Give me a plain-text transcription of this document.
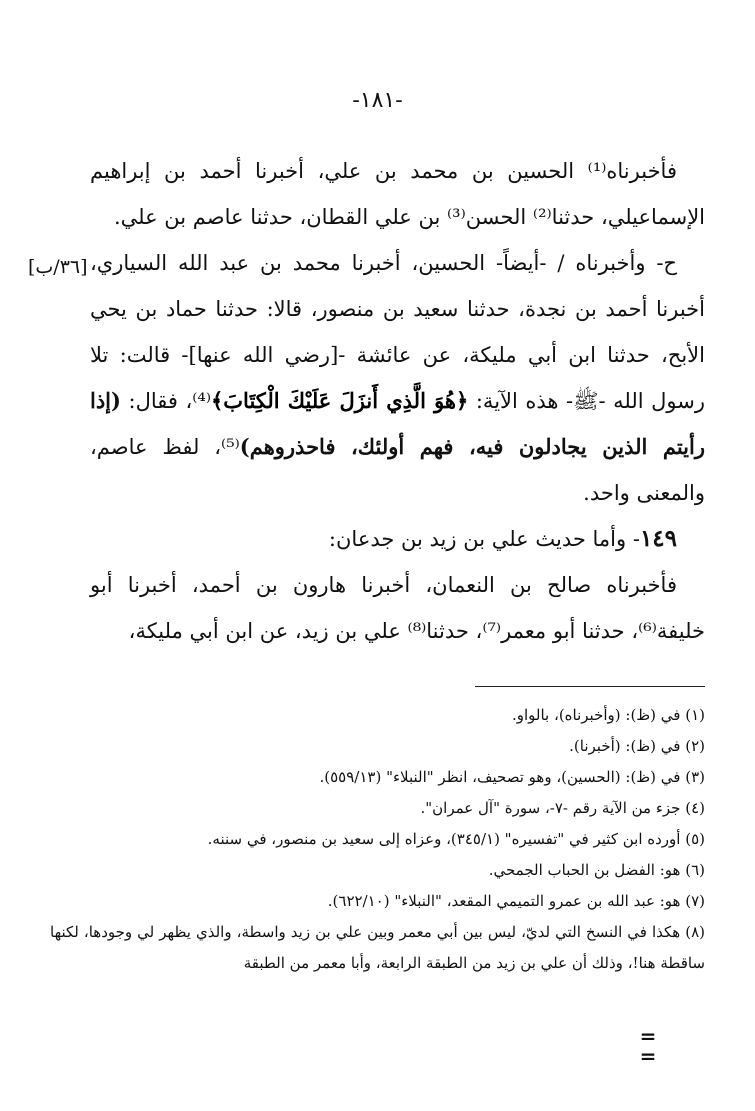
-١٨١-
[٣٦/ب]

فأخبرناه⁽¹⁾ الحسين بن محمد بن علي، أخبرنا أحمد بن إبراهيم الإسماعيلي، حدثنا⁽²⁾ الحسن⁽³⁾ بن علي القطان، حدثنا عاصم بن علي.

ح- وأخبرناه / -أيضاً- الحسين، أخبرنا محمد بن عبد الله السياري، أخبرنا أحمد بن نجدة، حدثنا سعيد بن منصور، قالا: حدثنا حماد بن يحي الأبح، حدثنا ابن أبي مليكة، عن عائشة -[رضي الله عنها]- قالت: تلا رسول الله -ﷺ- هذه الآية: ﴿هُوَ الَّذِي أَنزَلَ عَلَيْكَ الْكِتَابَ﴾⁽⁴⁾، فقال: (إذا رأيتم الذين يجادلون فيه، فهم أولئك، فاحذروهم)⁽⁵⁾، لفظ عاصم، والمعنى واحد.

١٤٩- وأما حديث علي بن زيد بن جدعان:

فأخبرناه صالح بن النعمان، أخبرنا هارون بن أحمد، أخبرنا أبو خليفة⁽⁶⁾، حدثنا أبو معمر⁽⁷⁾، حدثنا⁽⁸⁾ علي بن زيد، عن ابن أبي مليكة،

(١) في (ظ): (وأخبرناه)، بالواو.

(٢) في (ظ): (أخبرنا).

(٣) في (ظ): (الحسين)، وهو تصحيف، انظر "النبلاء" (٥٥٩/١٣).

(٤) جزء من الآية رقم -٧-، سورة "آل عمران".

(٥) أورده ابن كثير في "تفسيره" (٣٤٥/١)، وعزاه إلى سعيد بن منصور، في سننه.

(٦) هو: الفضل بن الحباب الجمحي.

(٧) هو: عبد الله بن عمرو التميمي المقعد، "النبلاء" (٦٢٢/١٠).

(٨) هكذا في النسخ التي لديّ، ليس بين أبي معمر وبين علي بن زيد واسطة، والذي يظهر لي وجودها، لكنها ساقطة هنا!، وذلك أن علي بن زيد من الطبقة الرابعة، وأبا معمر من الطبقة

= =
